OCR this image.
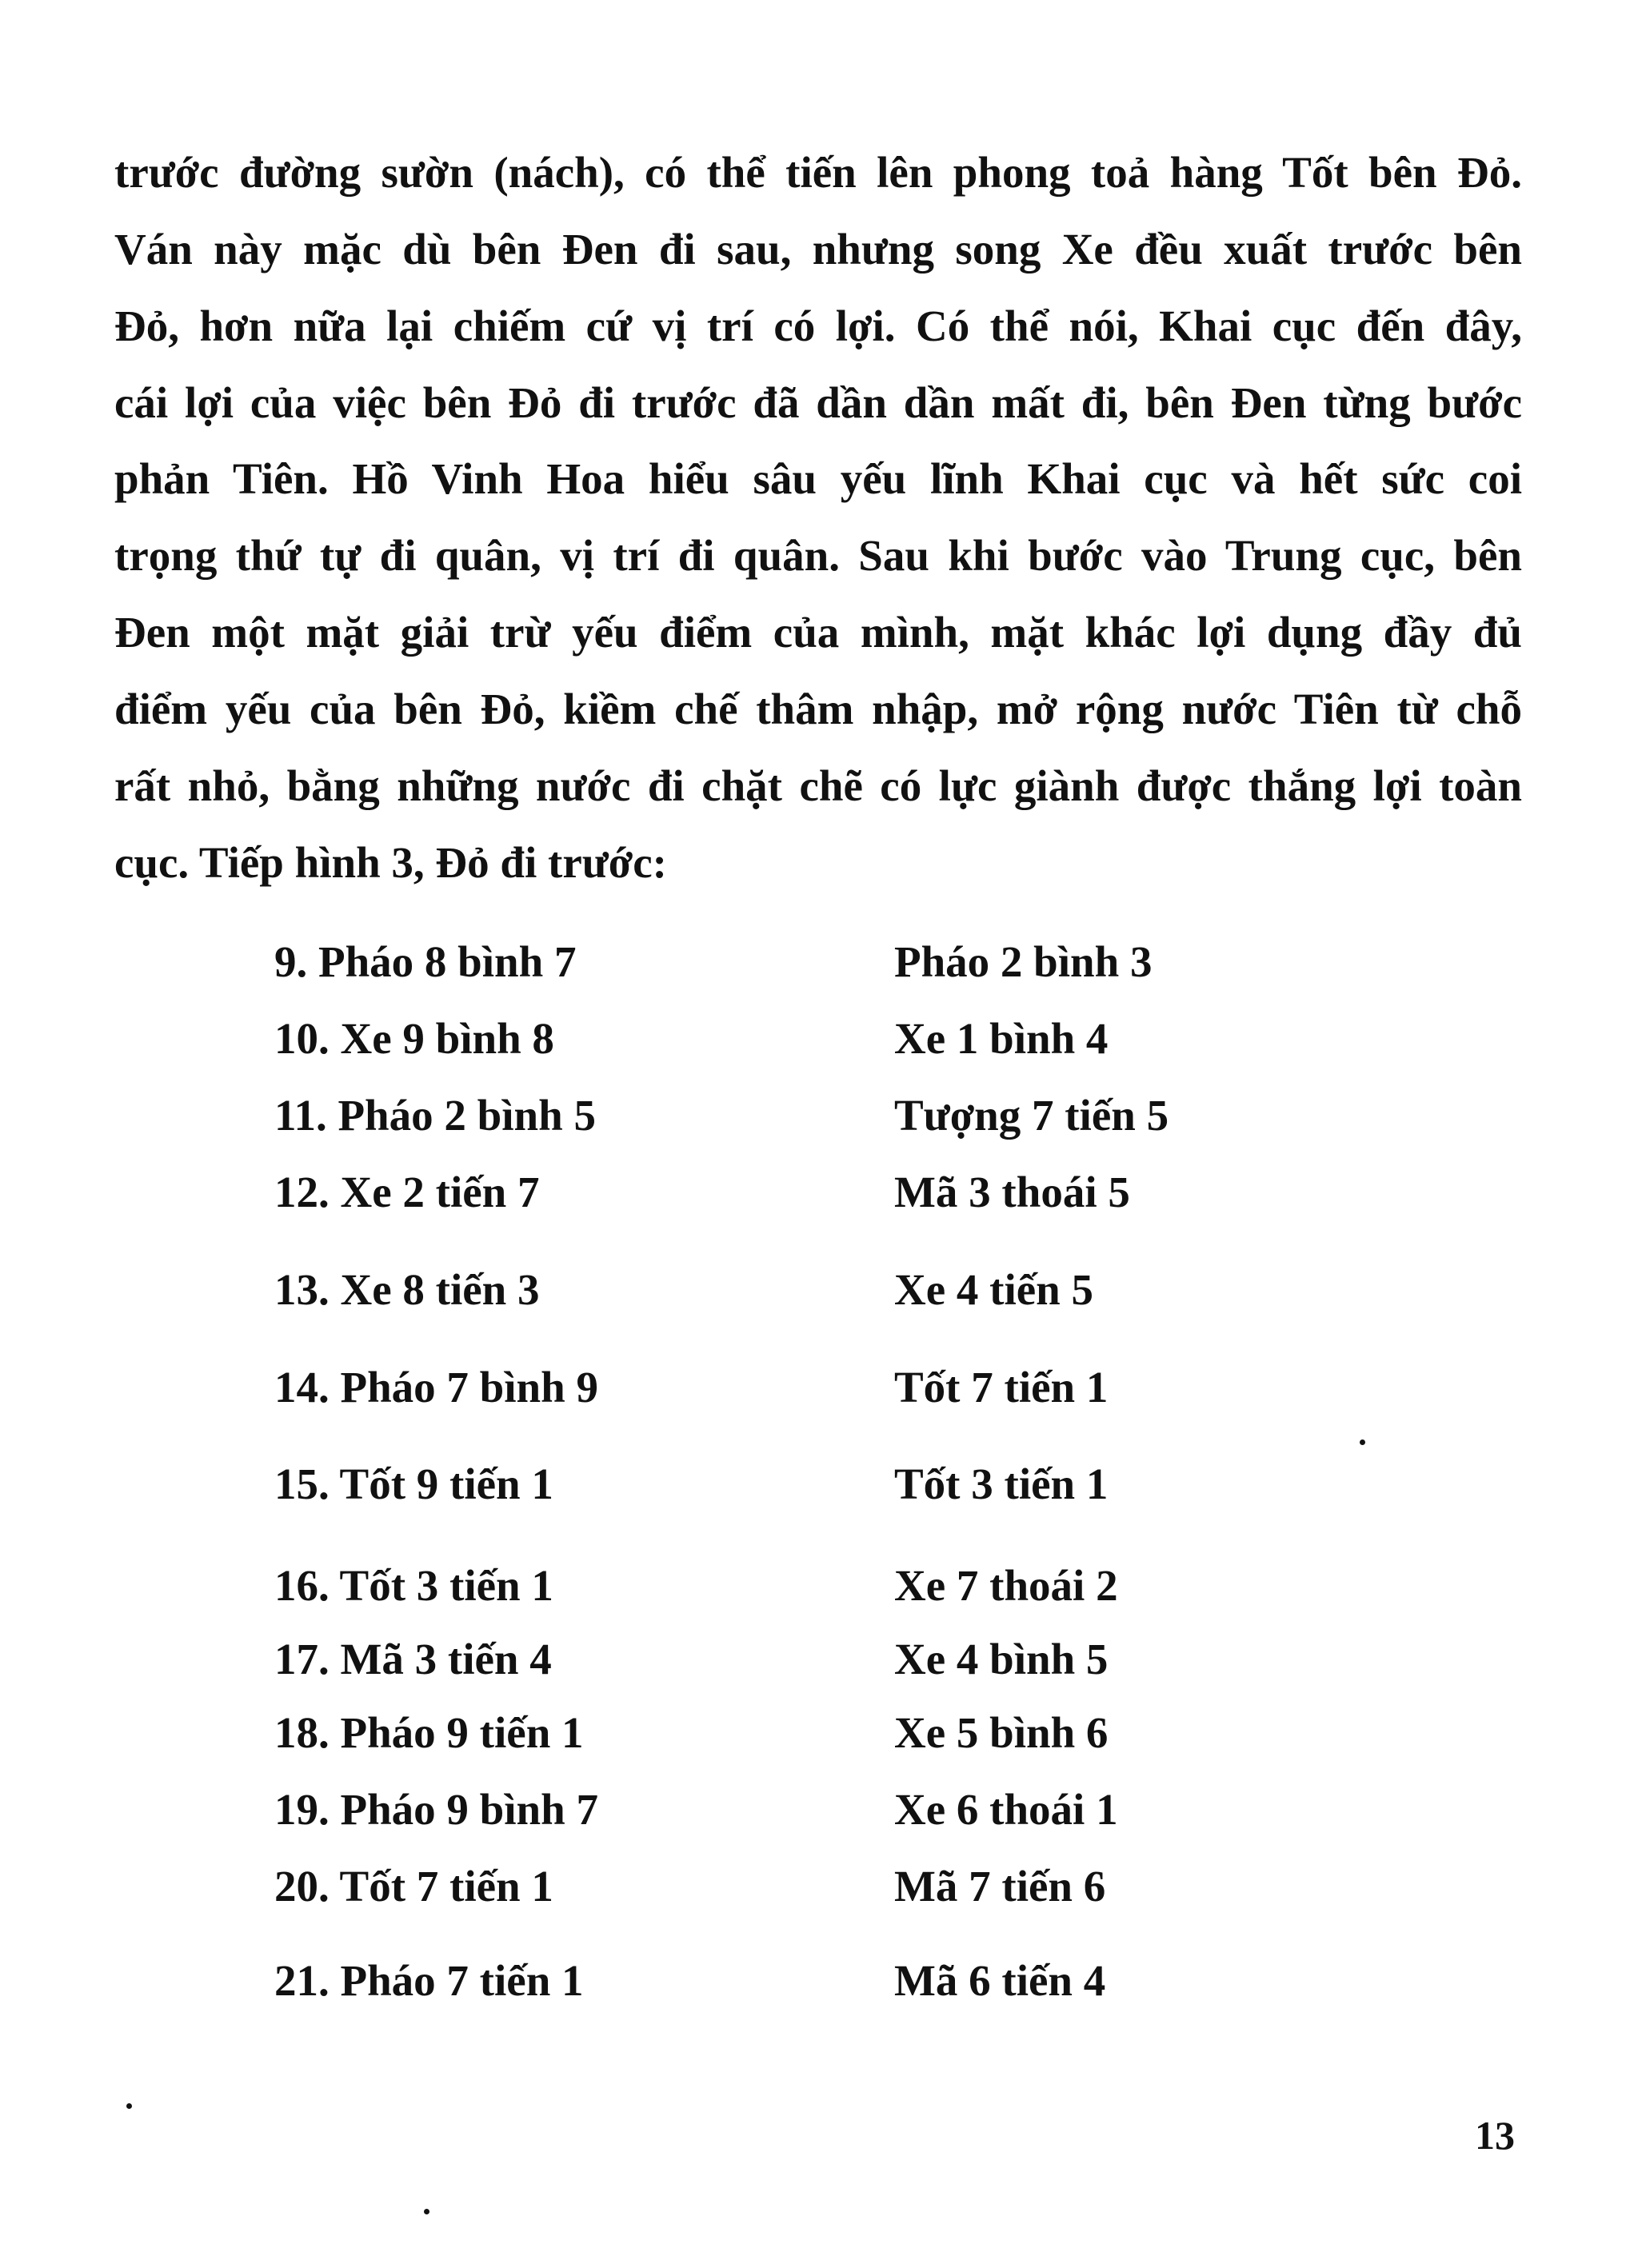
trước đường sườn (nách), có thể tiến lên phong toả hàng Tốt bên Đỏ.
Ván này mặc dù bên Đen đi sau, nhưng song Xe đều xuất trước bên
Đỏ, hơn nữa lại chiếm cứ vị trí có lợi. Có thể nói, Khai cục đến đây,
cái lợi của việc bên Đỏ đi trước đã dần dần mất đi, bên Đen từng bước
phản Tiên. Hồ Vinh Hoa hiểu sâu yếu lĩnh Khai cục và hết sức coi
trọng thứ tự đi quân, vị trí đi quân. Sau khi bước vào Trung cục, bên
Đen một mặt giải trừ yếu điểm của mình, mặt khác lợi dụng đầy đủ
điểm yếu của bên Đỏ, kiềm chế thâm nhập, mở rộng nước Tiên từ chỗ
rất nhỏ, bằng những nước đi chặt chẽ có lực giành được thắng lợi toàn
cục. Tiếp hình 3, Đỏ đi trước:
9. Pháo 8 bình 7	Pháo 2 bình 3
10. Xe 9 bình 8	Xe 1 bình 4
11. Pháo 2 bình 5	Tượng 7 tiến 5
12. Xe 2 tiến 7	Mã 3 thoái 5
13. Xe 8 tiến 3	Xe 4 tiến 5
14. Pháo 7 bình 9	Tốt 7 tiến 1
15. Tốt 9 tiến 1	Tốt 3 tiến 1
16. Tốt 3 tiến 1	Xe 7 thoái 2
17. Mã 3 tiến 4	Xe 4 bình 5
18. Pháo 9 tiến 1	Xe 5 bình 6
19. Pháo 9 bình 7	Xe 6 thoái 1
20. Tốt 7 tiến 1	Mã 7 tiến 6
21. Pháo 7 tiến 1	Mã 6 tiến 4
13
